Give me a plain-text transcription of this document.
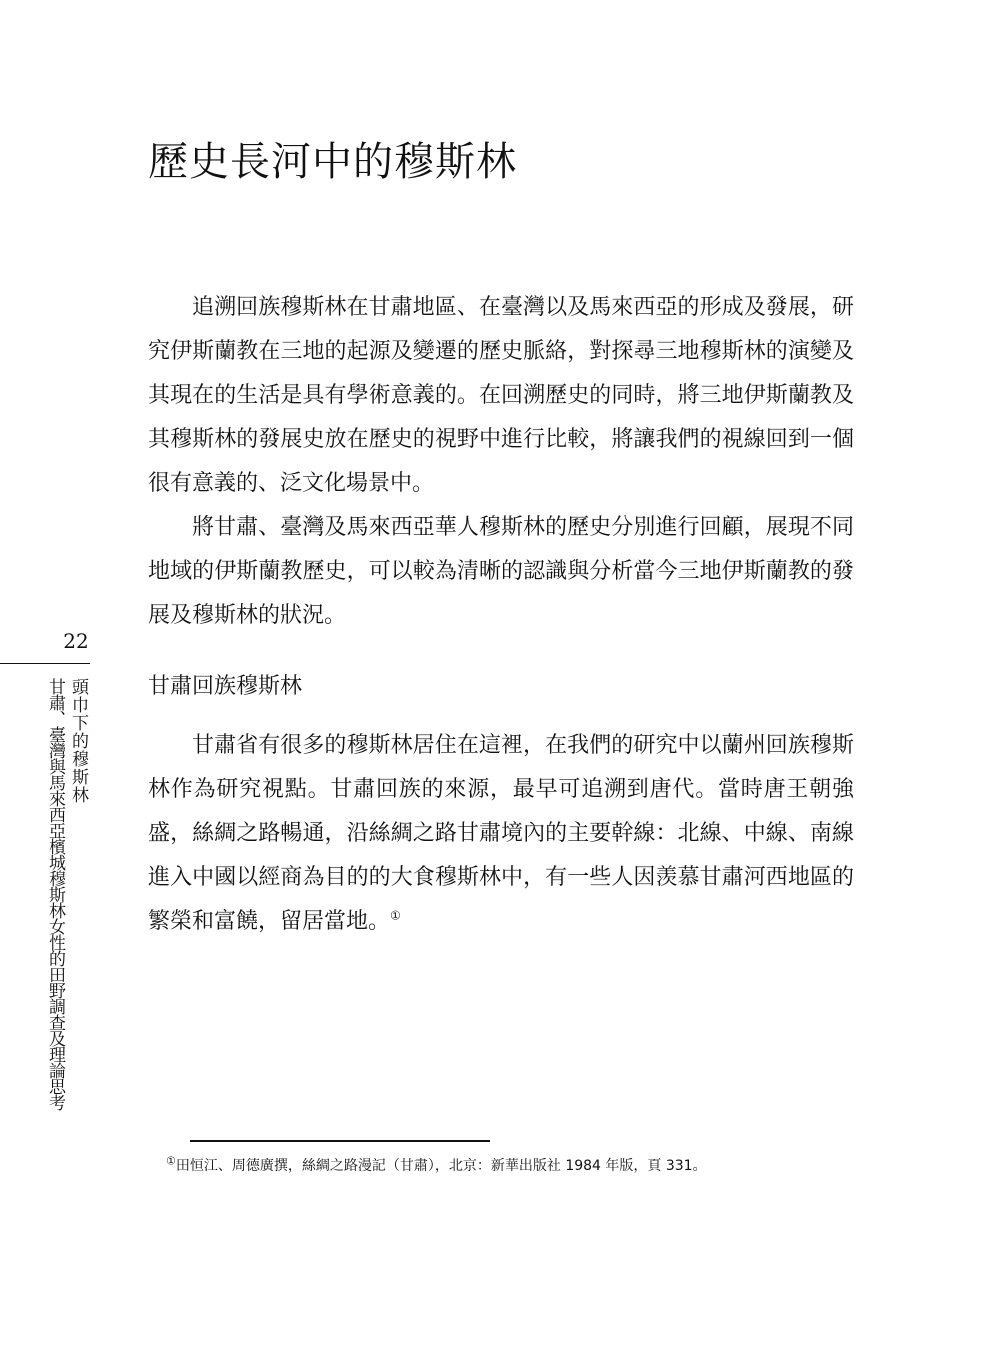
歷史長河中的穆斯林

追溯回族穆斯林在甘肅地區、在臺灣以及馬來西亞的形成及發展，研究伊斯蘭教在三地的起源及變遷的歷史脈絡，對探尋三地穆斯林的演變及其現在的生活是具有學術意義的。在回溯歷史的同時，將三地伊斯蘭教及其穆斯林的發展史放在歷史的視野中進行比較，將讓我們的視線回到一個很有意義的、泛文化場景中。

將甘肅、臺灣及馬來西亞華人穆斯林的歷史分別進行回顧，展現不同地域的伊斯蘭教歷史，可以較為清晰的認識與分析當今三地伊斯蘭教的發展及穆斯林的狀況。

甘肅回族穆斯林

甘肅省有很多的穆斯林居住在這裡，在我們的研究中以蘭州回族穆斯林作為研究視點。甘肅回族的來源，最早可追溯到唐代。當時唐王朝強盛，絲綢之路暢通，沿絲綢之路甘肅境內的主要幹線：北線、中線、南線進入中國以經商為目的的大食穆斯林中，有一些人因羡慕甘肅河西地區的繁榮和富饒，留居當地。①

22
頭巾下的穆斯林
甘肅、臺灣與馬來西亞檳城穆斯林女性的田野調查及理論思考

①田恒江、周德廣撰，絲綢之路漫記（甘肅），北京：新華出版社 1984 年版，頁 331。
